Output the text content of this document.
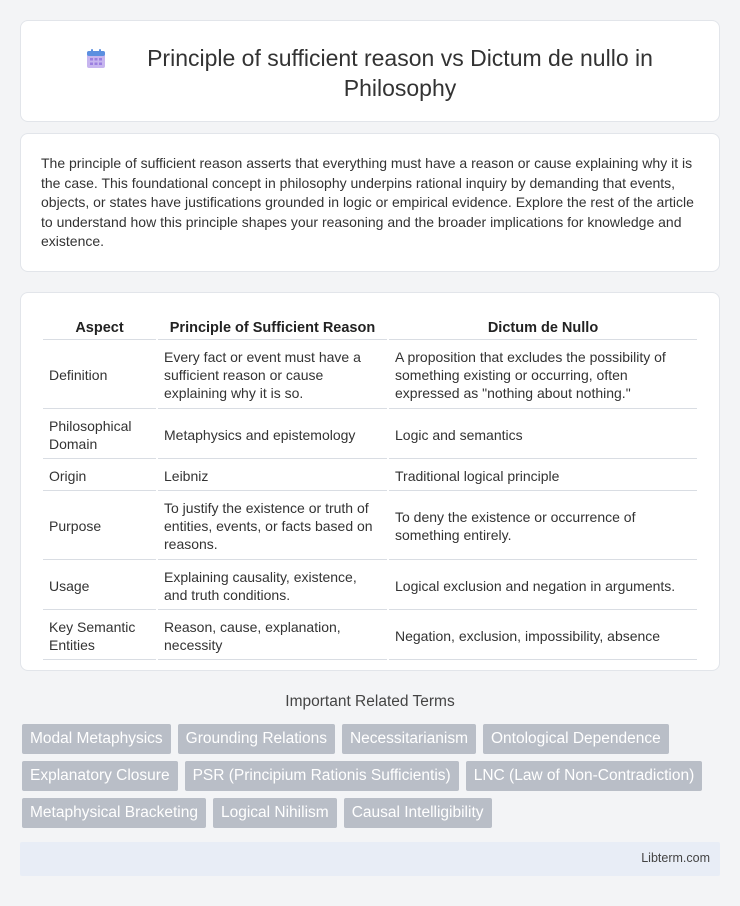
Principle of sufficient reason vs Dictum de nullo in
Philosophy

The principle of sufficient reason asserts that everything must have a reason or cause explaining why it is the case. This foundational concept in philosophy underpins rational inquiry by demanding that events, objects, or states have justifications grounded in logic or empirical evidence. Explore the rest of the article to understand how this principle shapes your reasoning and the broader implications for knowledge and existence.

Aspect	Principle of Sufficient Reason	Dictum de Nullo
Definition	Every fact or event must have a sufficient reason or cause explaining why it is so.	A proposition that excludes the possibility of something existing or occurring, often expressed as "nothing about nothing."
Philosophical Domain	Metaphysics and epistemology	Logic and semantics
Origin	Leibniz	Traditional logical principle
Purpose	To justify the existence or truth of entities, events, or facts based on reasons.	To deny the existence or occurrence of something entirely.
Usage	Explaining causality, existence, and truth conditions.	Logical exclusion and negation in arguments.
Key Semantic Entities	Reason, cause, explanation, necessity	Negation, exclusion, impossibility, absence
Important Related Terms
Modal Metaphysics	Grounding Relations	Necessitarianism	Ontological Dependence
Explanatory Closure	PSR (Principium Rationis Sufficientis)	LNC (Law of Non-Contradiction)
Metaphysical Bracketing	Logical Nihilism	Causal Intelligibility
Libterm.com
